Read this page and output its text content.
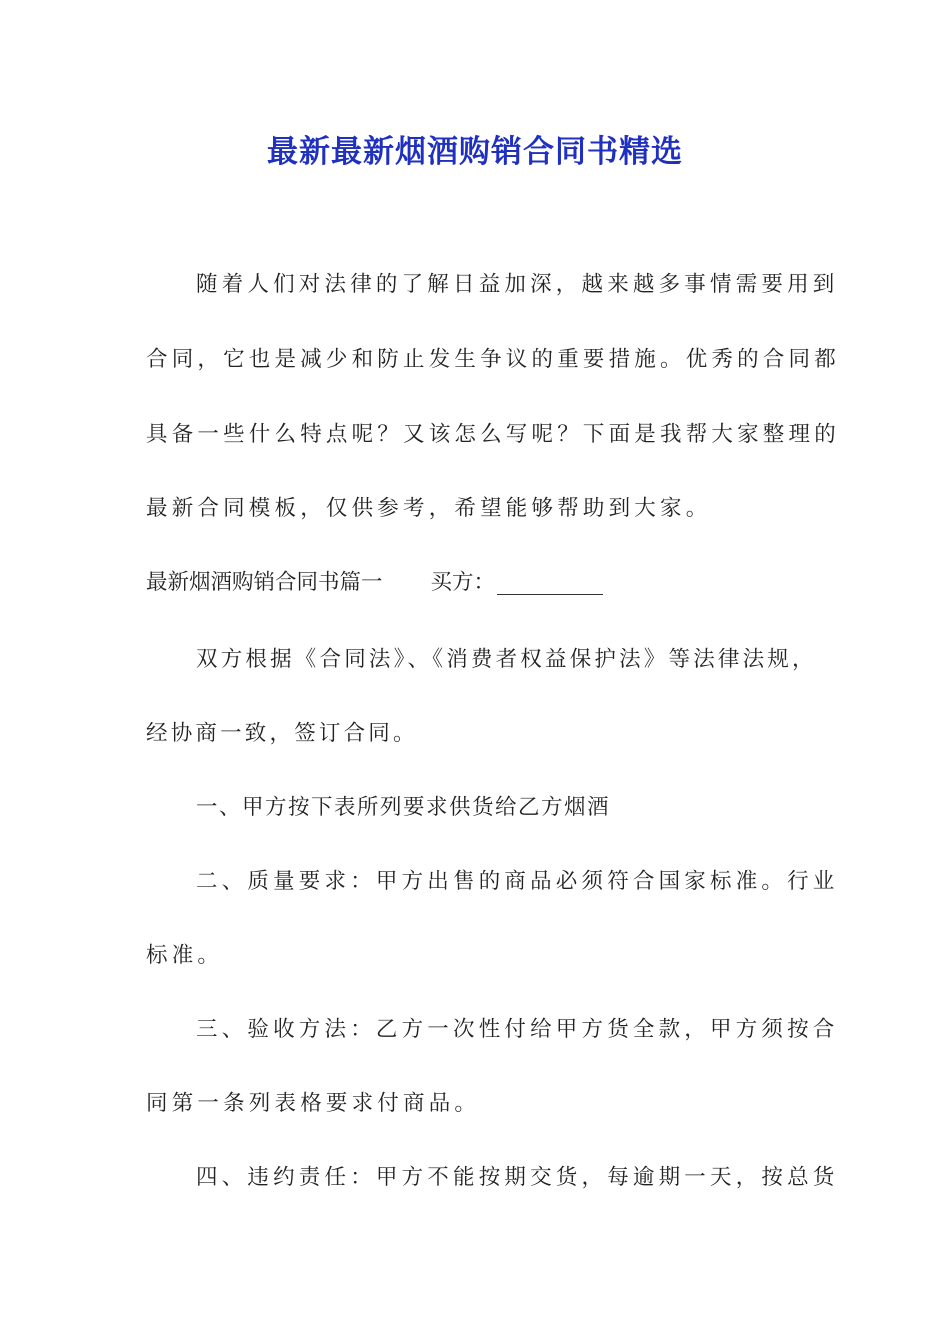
最新最新烟酒购销合同书精选
随着人们对法律的了解日益加深，越来越多事情需要用到
合同，它也是减少和防止发生争议的重要措施。优秀的合同都
具备一些什么特点呢？又该怎么写呢？下面是我帮大家整理的
最新合同模板，仅供参考，希望能够帮助到大家。
最新烟酒购销合同书篇一 买方：
双方根据《合同法》、《消费者权益保护法》等法律法规，
经协商一致，签订合同。
一、甲方按下表所列要求供货给乙方烟酒
二、质量要求：甲方出售的商品必须符合国家标准。行业
标准。
三、验收方法：乙方一次性付给甲方货全款，甲方须按合
同第一条列表格要求付商品。
四、违约责任：甲方不能按期交货，每逾期一天，按总货
